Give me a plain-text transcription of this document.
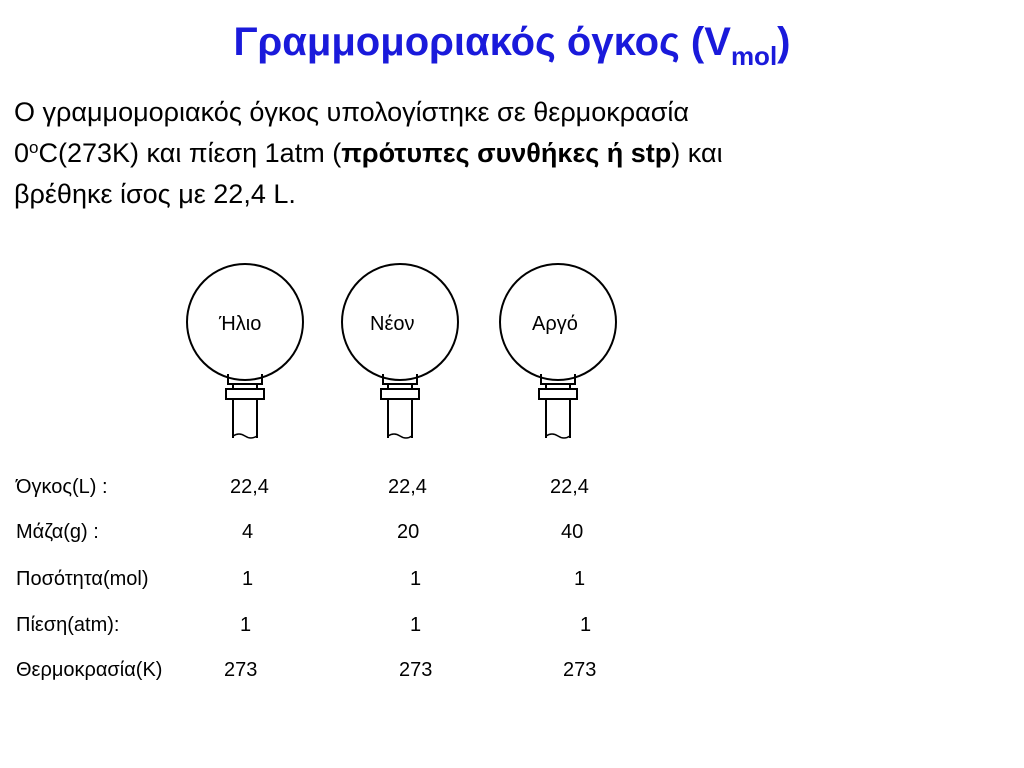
Γραμμομοριακός όγκος $(V_{mol})$
Ο γραμμομοριακός όγκος υπολογίστηκε σε θερμοκρασία
0$^o$C(273K) και πίεση 1atm (πρότυπες συνθήκες ή stp) και
βρέθηκε ίσος με 22,4 L.
Ήλιο	Νέον	Αργό
Όγκος(L) :	22,4	22,4	22,4
Μάζα(g) :	4	20	40
Ποσότητα(mol)	1	1	1
Πίεση(atm):	1	1	1
Θερμοκρασία(Κ)	273	273	273
